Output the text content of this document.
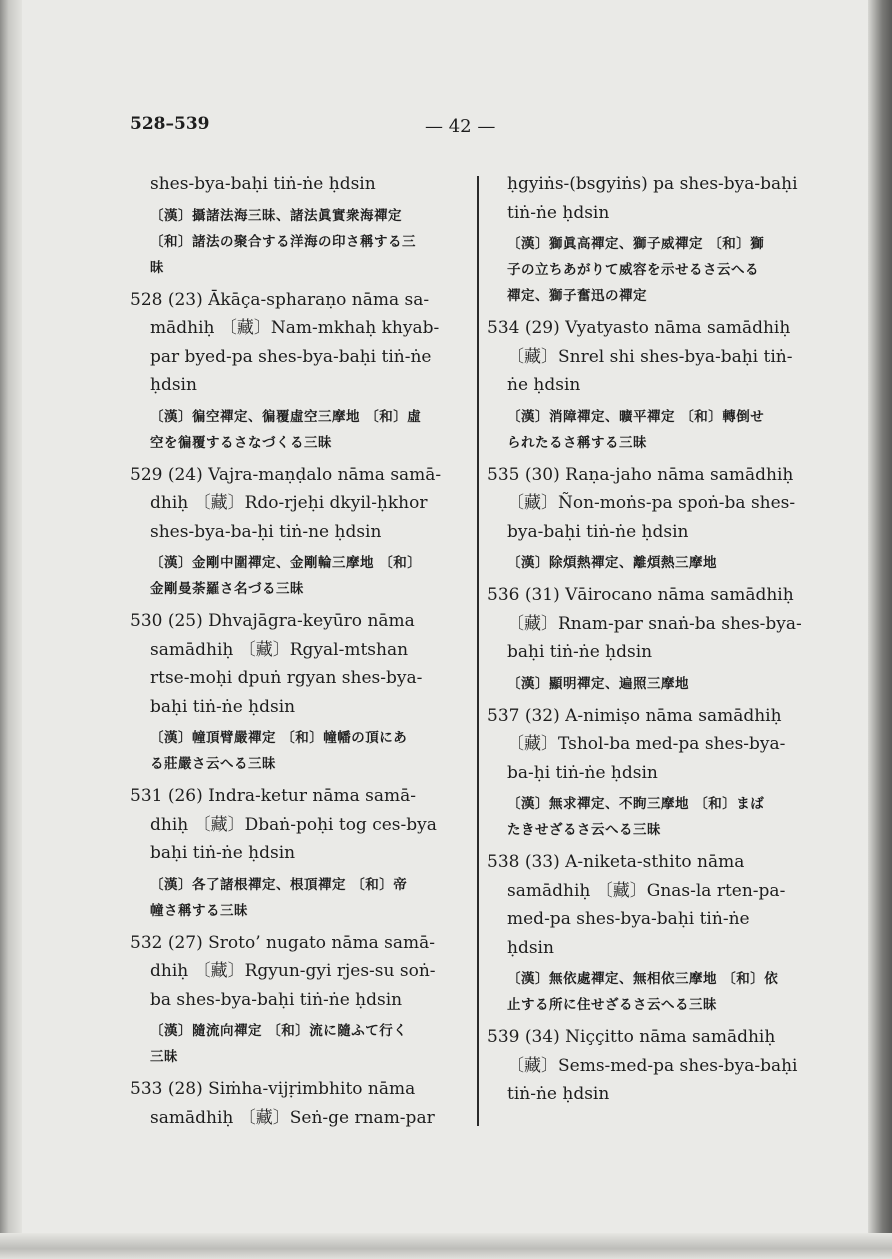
528–539	— 42 —
shes-bya-baḥi tiṅ-ṅe ḥdsin
〔漢〕攝諸法海三昧、諸法眞實衆海禪定
〔和〕諸法の聚合する洋海の印さ稱する三
昧
528 (23) Ākāça-spharaṇo nāma sa-
mādhiḥ 〔藏〕Nam-mkhaḥ khyab-
par byed-pa shes-bya-baḥi tiṅ-ṅe
ḥdsin
〔漢〕徧空禪定、徧覆虛空三摩地 〔和〕虛
空を徧覆するさなづくる三昧
529 (24) Vajra-maṇḍalo nāma samā-
dhiḥ 〔藏〕Rdo-rjeḥi dkyil-ḥkhor
shes-bya-ba-ḥi tiṅ-ne ḥdsin
〔漢〕金剛中圍禪定、金剛輪三摩地 〔和〕
金剛曼荼羅さ名づる三昧
530 (25) Dhvajāgra-keyūro nāma
samādhiḥ 〔藏〕Rgyal-mtshan
rtse-moḥi dpuṅ rgyan shes-bya-
baḥi tiṅ-ṅe ḥdsin
〔漢〕幢頂臂嚴禪定 〔和〕幢幡の頂にあ
る莊嚴さ云へる三昧
531 (26) Indra-ketur nāma samā-
dhiḥ 〔藏〕Dbaṅ-poḥi tog ces-bya
baḥi tiṅ-ṅe ḥdsin
〔漢〕各了諸根禪定、根頂禪定 〔和〕帝
幢さ稱する三昧
532 (27) Sroto’ nugato nāma samā-
dhiḥ 〔藏〕Rgyun-gyi rjes-su soṅ-
ba shes-bya-baḥi tiṅ-ṅe ḥdsin
〔漢〕隨流向禪定 〔和〕流に隨ふて行く
三昧
533 (28) Siṁha-vijṛimbhito nāma
samādhiḥ 〔藏〕Seṅ-ge rnam-par
ḥgyiṅs-(bsgyiṅs) pa shes-bya-baḥi
tiṅ-ṅe ḥdsin
〔漢〕獅眞高禪定、獅子威禪定 〔和〕獅
子の立ちあがりて威容を示せるさ云へる
禪定、獅子奮迅の禪定
534 (29) Vyatyasto nāma samādhiḥ
〔藏〕Snrel shi shes-bya-baḥi tiṅ-
ṅe ḥdsin
〔漢〕消障禪定、曠平禪定 〔和〕轉倒せ
られたるさ稱する三昧
535 (30) Raṇa-jaho nāma samādhiḥ
〔藏〕Ñon-moṅs-pa spoṅ-ba shes-
bya-baḥi tiṅ-ṅe ḥdsin
〔漢〕除煩熱禪定、離煩熱三摩地
536 (31) Vāirocano nāma samādhiḥ
〔藏〕Rnam-par snaṅ-ba shes-bya-
baḥi tiṅ-ṅe ḥdsin
〔漢〕顯明禪定、遍照三摩地
537 (32) A-nimiṣo nāma samādhiḥ
〔藏〕Tshol-ba med-pa shes-bya-
ba-ḥi tiṅ-ṅe ḥdsin
〔漢〕無求禪定、不眴三摩地 〔和〕まば
たきせざるさ云へる三昧
538 (33) A-niketa-sthito nāma
samādhiḥ 〔藏〕Gnas-la rten-pa-
med-pa shes-bya-baḥi tiṅ-ṅe
ḥdsin
〔漢〕無依處禪定、無相依三摩地 〔和〕依
止する所に住せざるさ云へる三昧
539 (34) Niççitto nāma samādhiḥ
〔藏〕Sems-med-pa shes-bya-baḥi
tiṅ-ṅe ḥdsin
